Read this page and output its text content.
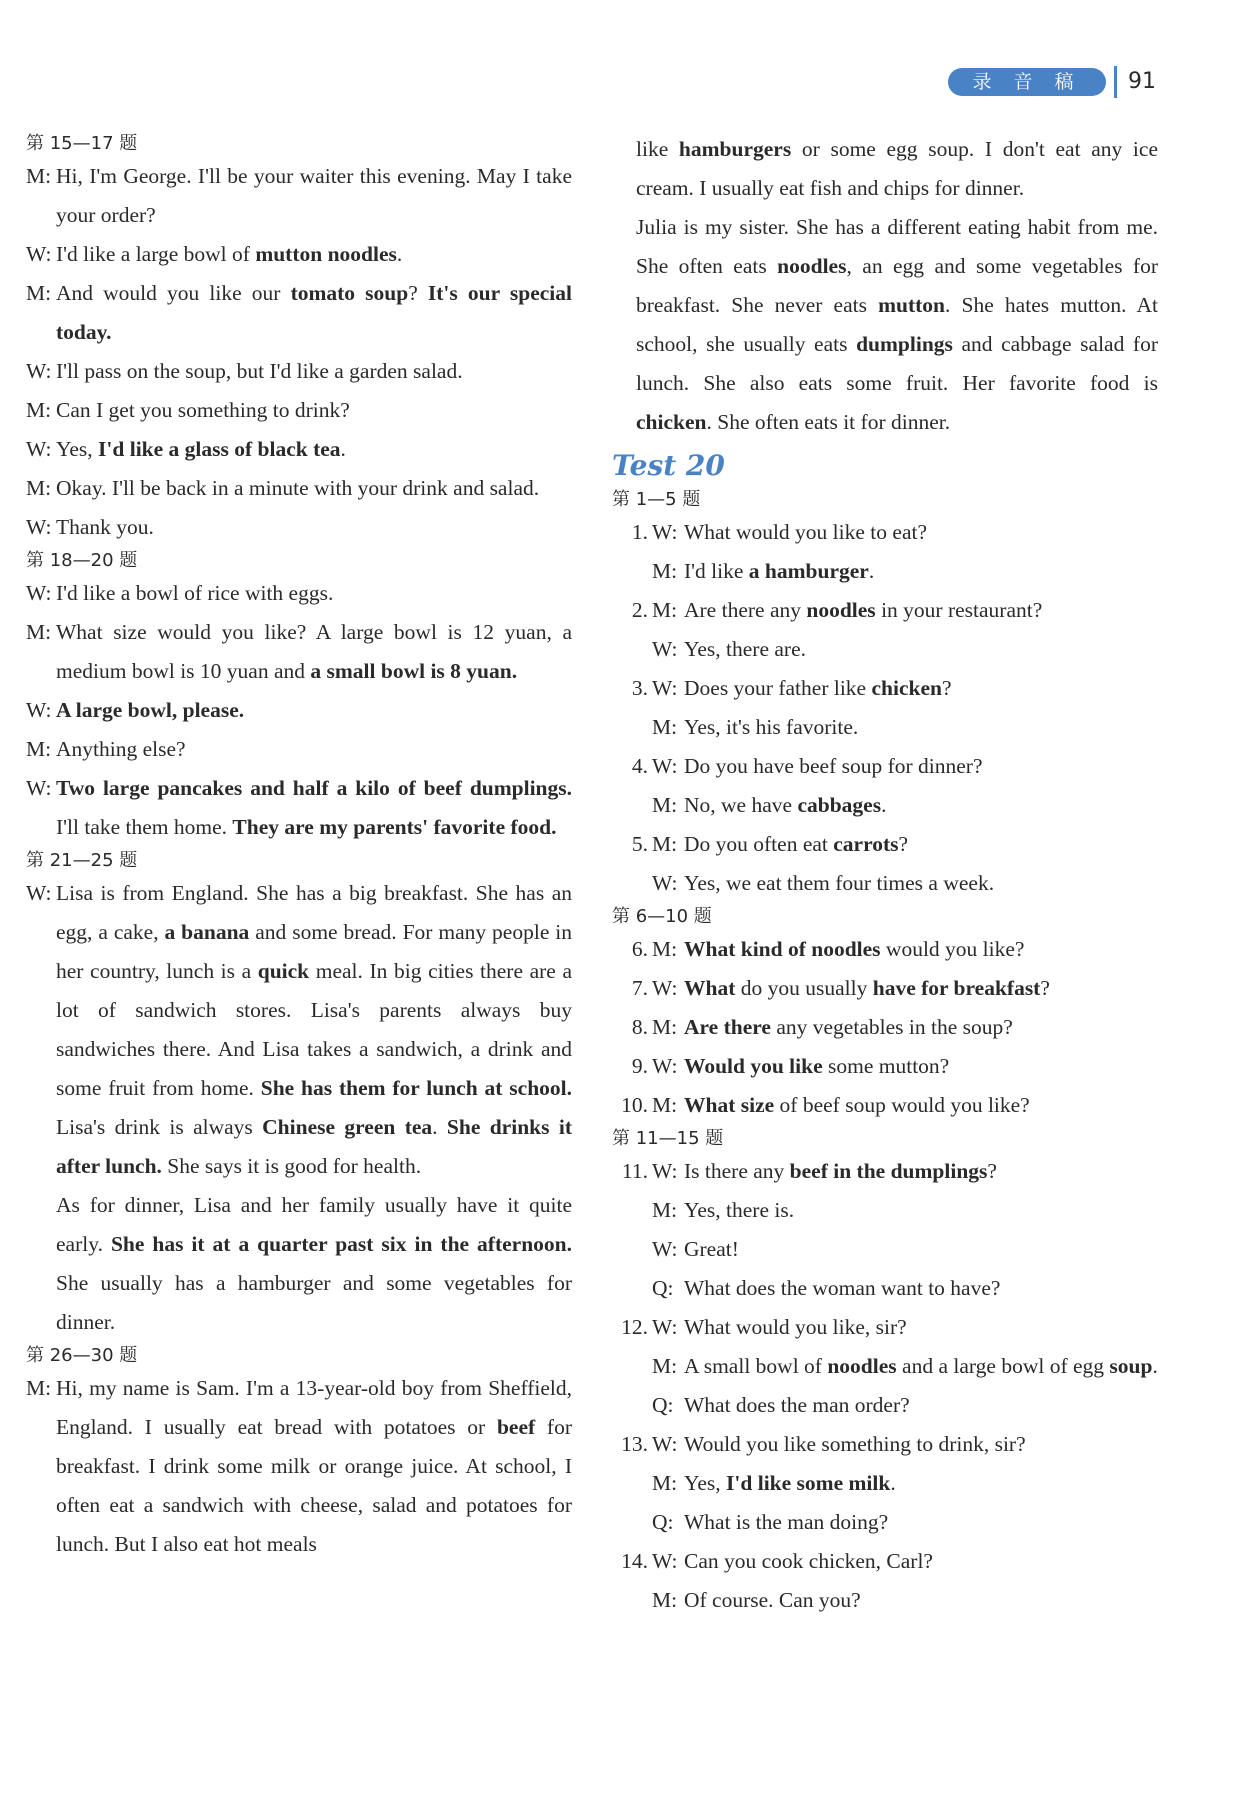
录 音 稿	91
第 15—17 题
M: Hi, I'm George. I'll be your waiter this evening. May I take your order?
W: I'd like a large bowl of mutton noodles.
M: And would you like our tomato soup? It's our special today.
W: I'll pass on the soup, but I'd like a garden salad.
M: Can I get you something to drink?
W: Yes, I'd like a glass of black tea.
M: Okay. I'll be back in a minute with your drink and salad.
W: Thank you.
第 18—20 题
W: I'd like a bowl of rice with eggs.
M: What size would you like? A large bowl is 12 yuan, a medium bowl is 10 yuan and a small bowl is 8 yuan.
W: A large bowl, please.
M: Anything else?
W: Two large pancakes and half a kilo of beef dumplings. I'll take them home. They are my parents' favorite food.
第 21—25 题
W: Lisa is from England. She has a big breakfast. She has an egg, a cake, a banana and some bread. For many people in her country, lunch is a quick meal. In big cities there are a lot of sandwich stores. Lisa's parents always buy sandwiches there. And Lisa takes a sandwich, a drink and some fruit from home. She has them for lunch at school. Lisa's drink is always Chinese green tea. She drinks it after lunch. She says it is good for health.
As for dinner, Lisa and her family usually have it quite early. She has it at a quarter past six in the afternoon. She usually has a hamburger and some vegetables for dinner.
第 26—30 题
M: Hi, my name is Sam. I'm a 13-year-old boy from Sheffield, England. I usually eat bread with potatoes or beef for breakfast. I drink some milk or orange juice. At school, I often eat a sandwich with cheese, salad and potatoes for lunch. But I also eat hot meals
like hamburgers or some egg soup. I don't eat any ice cream. I usually eat fish and chips for dinner.
Julia is my sister. She has a different eating habit from me. She often eats noodles, an egg and some vegetables for breakfast. She never eats mutton. She hates mutton. At school, she usually eats dumplings and cabbage salad for lunch. She also eats some fruit. Her favorite food is chicken. She often eats it for dinner.
Test 20
第 1—5 题
1. W: What would you like to eat?
M: I'd like a hamburger.
2. M: Are there any noodles in your restaurant?
W: Yes, there are.
3. W: Does your father like chicken?
M: Yes, it's his favorite.
4. W: Do you have beef soup for dinner?
M: No, we have cabbages.
5. M: Do you often eat carrots?
W: Yes, we eat them four times a week.
第 6—10 题
6. M: What kind of noodles would you like?
7. W: What do you usually have for breakfast?
8. M: Are there any vegetables in the soup?
9. W: Would you like some mutton?
10. M: What size of beef soup would you like?
第 11—15 题
11. W: Is there any beef in the dumplings?
M: Yes, there is.
W: Great!
Q: What does the woman want to have?
12. W: What would you like, sir?
M: A small bowl of noodles and a large bowl of egg soup.
Q: What does the man order?
13. W: Would you like something to drink, sir?
M: Yes, I'd like some milk.
Q: What is the man doing?
14. W: Can you cook chicken, Carl?
M: Of course. Can you?
